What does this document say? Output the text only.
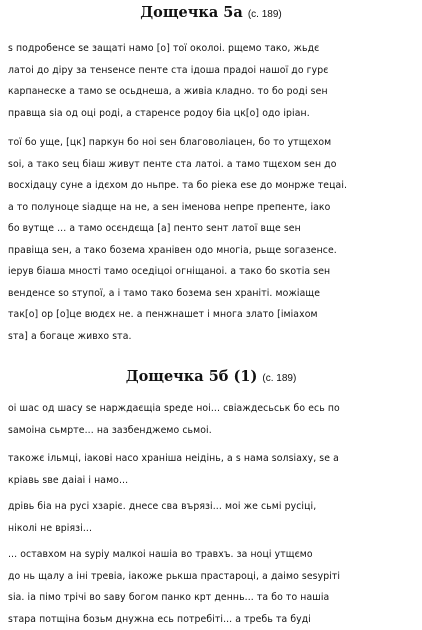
Дощечка 5а (с. 189)
ѕ подробенсе ѕе защаті намо [о] тої околоі. рщемо тако, жьдє
латоі до діру за тенѕенсе пенте ста ідоша прадоі нашої до гурє
карпанеске а тамо ѕе осьднеша, а живіа кладно. то бо роді ѕен
правща ѕіа од оці роді, а старенсе родоу біа цк[о] одо іріан.
тої бо уще, [цк] паркун бо ноі ѕен благоволіацен, бо то утщєхом
ѕоі, а тако ѕец біаш живут пенте ста латоі. а тамо тщєхом ѕен до
восхідацу суне а ідєхом до ньпре. та бо ріека еѕе до монрже тецаі.
а то полуноце ѕіадще на не, а ѕен іменова непре препенте, іако
бо вутще ... а тамо осєндєща [а] пенто ѕент латої вще ѕен
правіща ѕен, а тако бозема хранівен одо многіа, рьще ѕогазенсе.
іерув біаша мності тамо оседіцоі огніщаноі. а тако бо ѕкотіа ѕен
венденсе ѕо ѕтупої, а і тамо тако бозема ѕен храніті. можіаще
так[о] ор [о]це вюдєх не. а пенжнашет і многа злато [іміахом
ѕта] а богаце живхо ѕта.
Дощечка 5б (1) (с. 189)
оі шас од шасу ѕе нарждаєщіа ѕреде ноі... свіаждесьськ бо есь по
ѕамоіна сьмрте... на зазбенджемо сьмоі.
такожє ільмці, іакові насо храніша неідінь, а ѕ нама ѕолѕіаху, ѕе а
кріавь ѕве даіаі і намо...
дрівь біа на русі хзаріє. днесе сва върязі... моі же сьмі русіці,
ніколі не вріязі...
... оставхом на ѕуріу малкоі нашіа во травхъ. за ноці утщємо
до нь щалу а іні тревіа, іакоже рькша прастароці, а даімо ѕеѕуріті
ѕіа. іа пімо трічі во ѕаву богом панко крт деннь... та бо то нашіа
ѕтара потщіна бозьм днужна есь потребіті... а требь та буді
